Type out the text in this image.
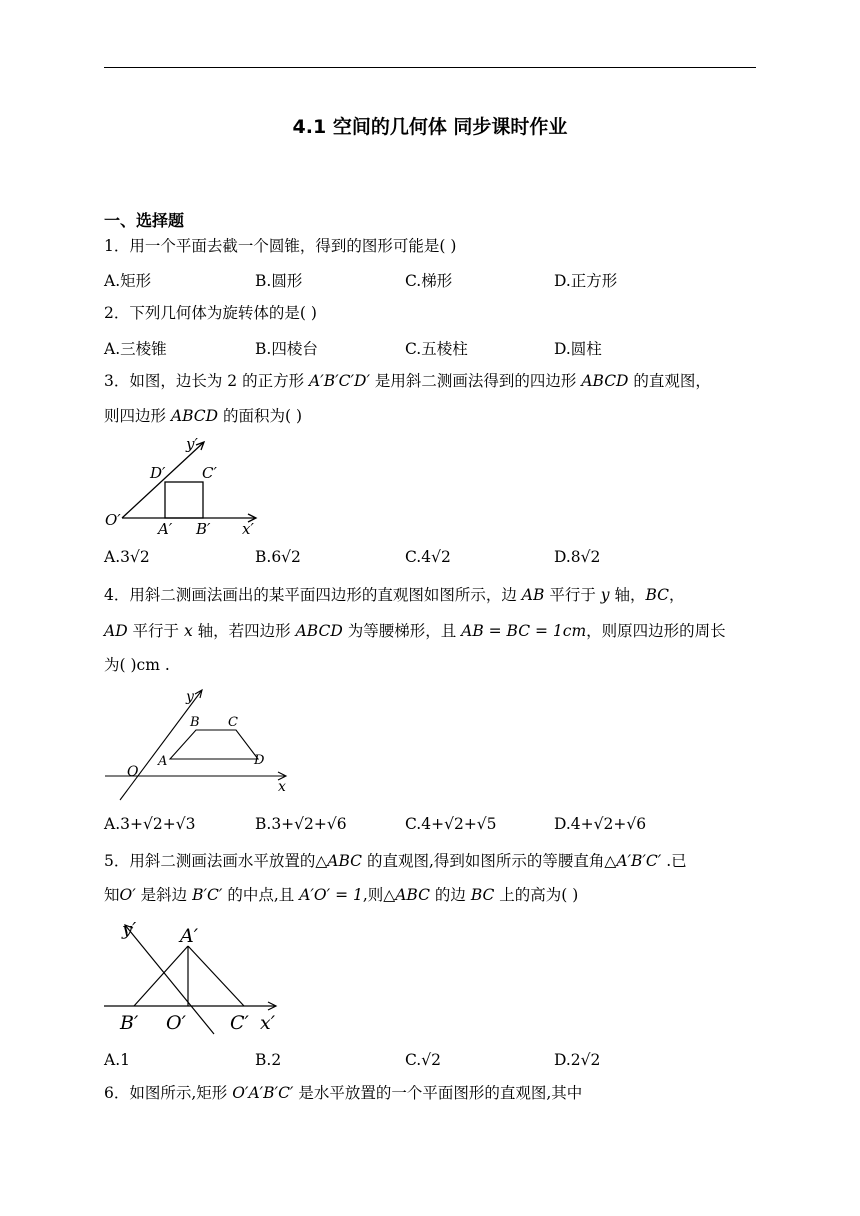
4.1 空间的几何体 同步课时作业
一、选择题
1．用一个平面去截一个圆锥，得到的图形可能是( )
A.矩形	B.圆形	C.梯形	D.正方形
2．下列几何体为旋转体的是( )
A.三棱锥	B.四棱台	C.五棱柱	D.圆柱
3．如图，边长为 2 的正方形 A′B′C′D′ 是用斜二测画法得到的四边形 ABCD 的直观图，
则四边形 ABCD 的面积为( )
y′
D′ C′
O′ A′ B′ x′
A.3√2	B.6√2	C.4√2	D.8√2
4．用斜二测画法画出的某平面四边形的直观图如图所示，边 AB 平行于 y 轴，BC，
AD 平行于 x 轴，若四边形 ABCD 为等腰梯形，且 AB = BC = 1cm，则原四边形的周长
为( )cm .
y
B C
A	D
O
x
A.3+√2+√3	B.3+√2+√6	C.4+√2+√5	D.4+√2+√6
5．用斜二测画法画水平放置的△ABC 的直观图,得到如图所示的等腰直角△A′B′C′ .已
知O′ 是斜边 B′C′ 的中点,且 A′O′ = 1,则△ABC 的边 BC 上的高为( )
y′ A′
B′ O′ C′ x′
A.1	B.2	C.√2	D.2√2
6．如图所示,矩形 O′A′B′C′ 是水平放置的一个平面图形的直观图,其中
